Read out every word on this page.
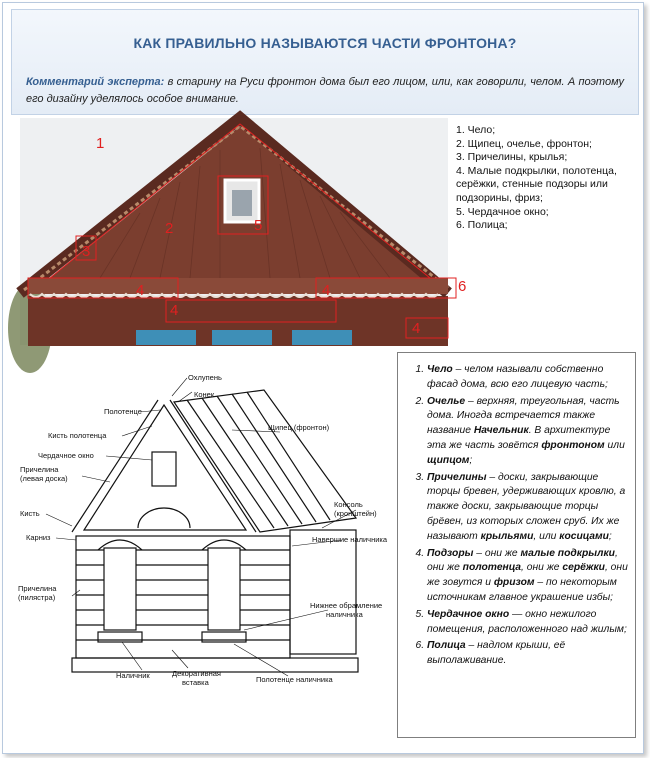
КАК ПРАВИЛЬНО НАЗЫВАЮТСЯ ЧАСТИ ФРОНТОНА?
Комментарий эксперта: в старину на Руси фронтон дома был его лицом, или, как говорили, челом. А поэтому его дизайну уделялось особое внимание.
1
2
3
4	4
4
4
5
6
1. Чело;
2. Щипец, очелье, фронтон;
3. Причелины, крылья;
4. Малые подкрылки, полотенца, серёжки, стенные подзоры или подзорины, фриз;
5. Чердачное окно;
6. Полица;
Охлупень
Конек
Полотенце
Кисть полотенца
Щипец (фронтон)
Чердачное окно
Причелина
(левая доска)
Кисть
Карниз
Консоль
(кронштейн)
Навершие наличника
Причелина
(пилястра)
Нижнее обрамление
наличника
Наличник	Декоративная
вставка	Полотенце наличника
1. Чело – челом называли собственно фасад дома, всю его лицевую часть;
2. Очелье – верхняя, треугольная, часть дома. Иногда встречается также название Начельник. В архитектуре эта же часть зовётся фронтоном или щипцом;
3. Причелины – доски, закрывающие торцы бревен, удерживающих кровлю, а также доски, закрывающие торцы брёвен, из которых сложен сруб. Их же называют крыльями, или косицами;
4. Подзоры – они же малые подкрылки, они же полотенца, они же серёжки, они же зовутся и фризом – по некоторым источникам главное украшение избы;
5. Чердачное окно — окно нежилого помещения, расположенного над жилым;
6. Полица – надлом крыши, её выполаживание.
